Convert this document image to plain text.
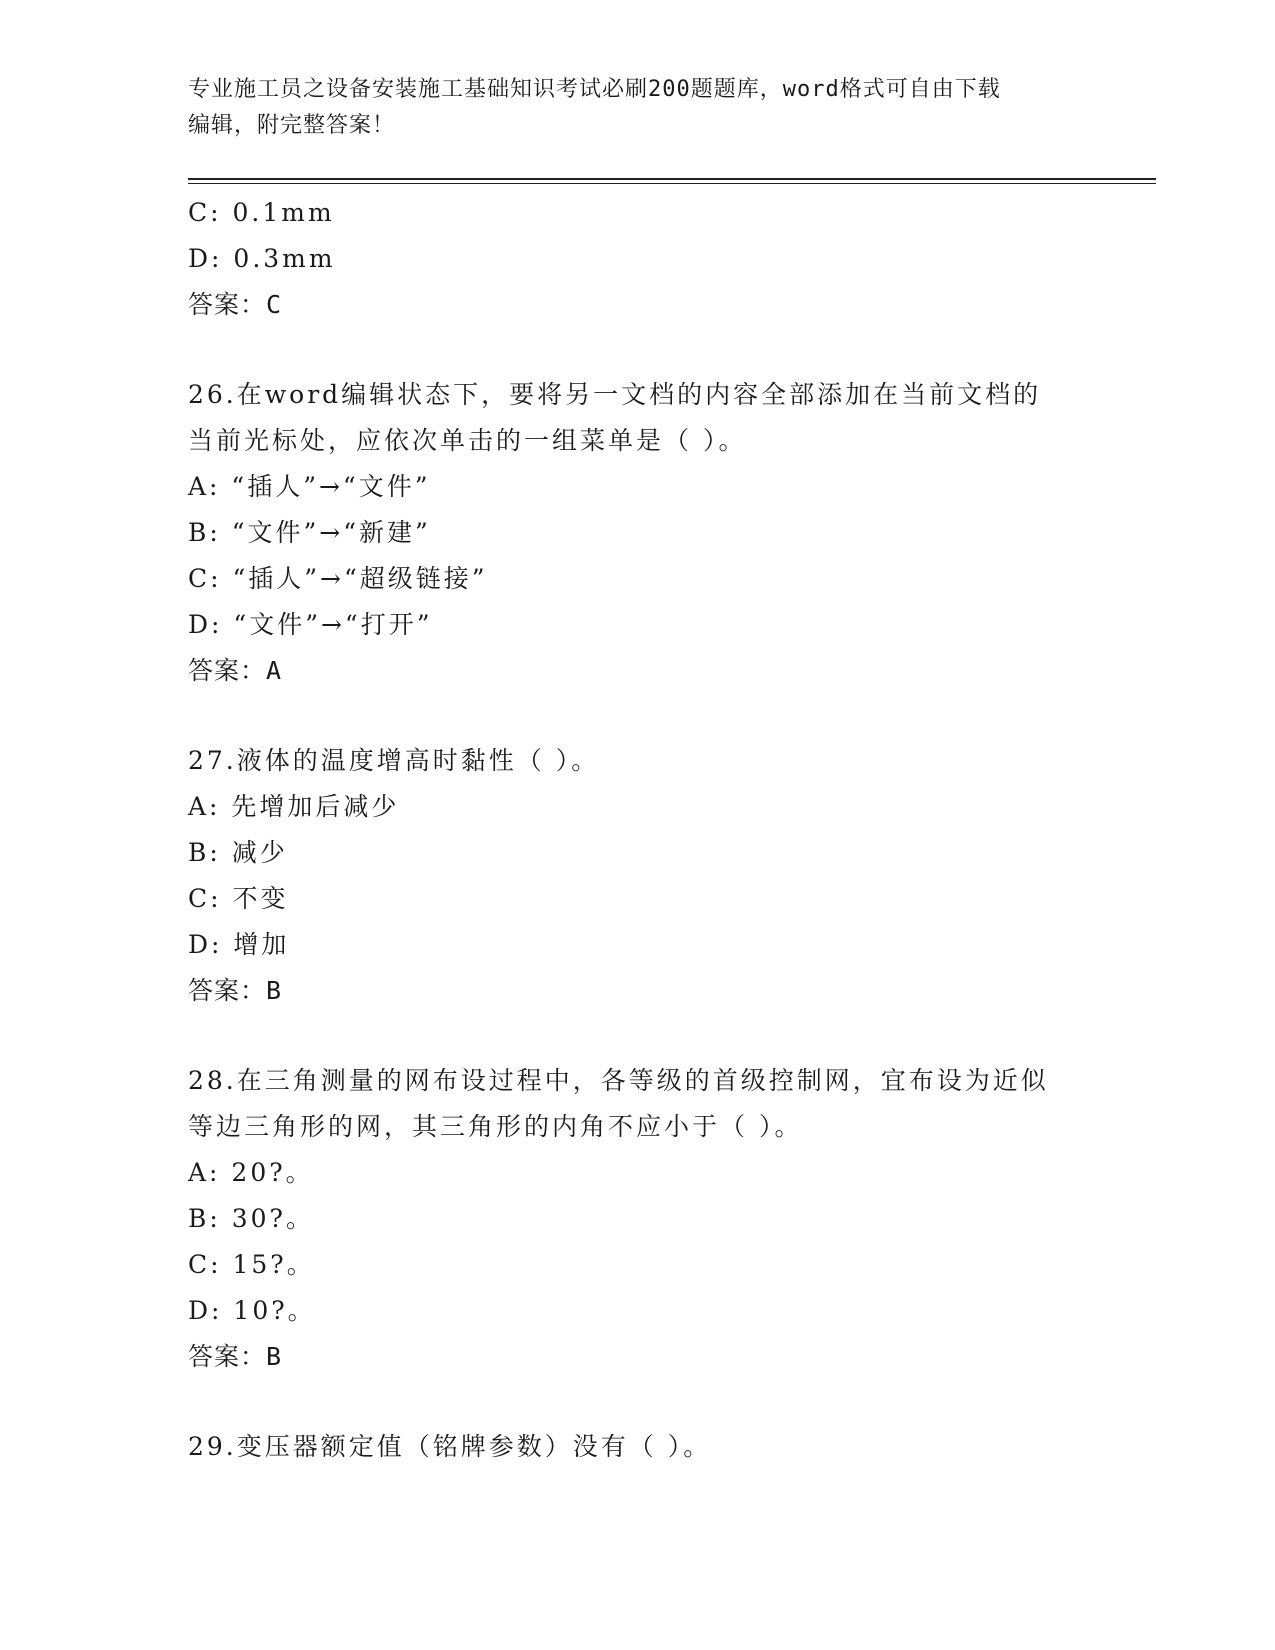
专业施工员之设备安装施工基础知识考试必刷200题题库，word格式可自由下载
编辑，附完整答案！
C: 0.1mm
D: 0.3mm
答案：C
26.在word编辑状态下，要将另一文档的内容全部添加在当前文档的
当前光标处，应依次单击的一组菜单是（ ）。
A: “插人”→“文件”
B: “文件”→“新建”
C: “插人”→“超级链接”
D: “文件”→“打开”
答案：A
27.液体的温度增高时黏性（ ）。
A: 先增加后减少
B: 减少
C: 不变
D: 增加
答案：B
28.在三角测量的网布设过程中，各等级的首级控制网，宜布设为近似
等边三角形的网，其三角形的内角不应小于（ ）。
A: 20?。
B: 30?。
C: 15?。
D: 10?。
答案：B
29.变压器额定值（铭牌参数）没有（ ）。
